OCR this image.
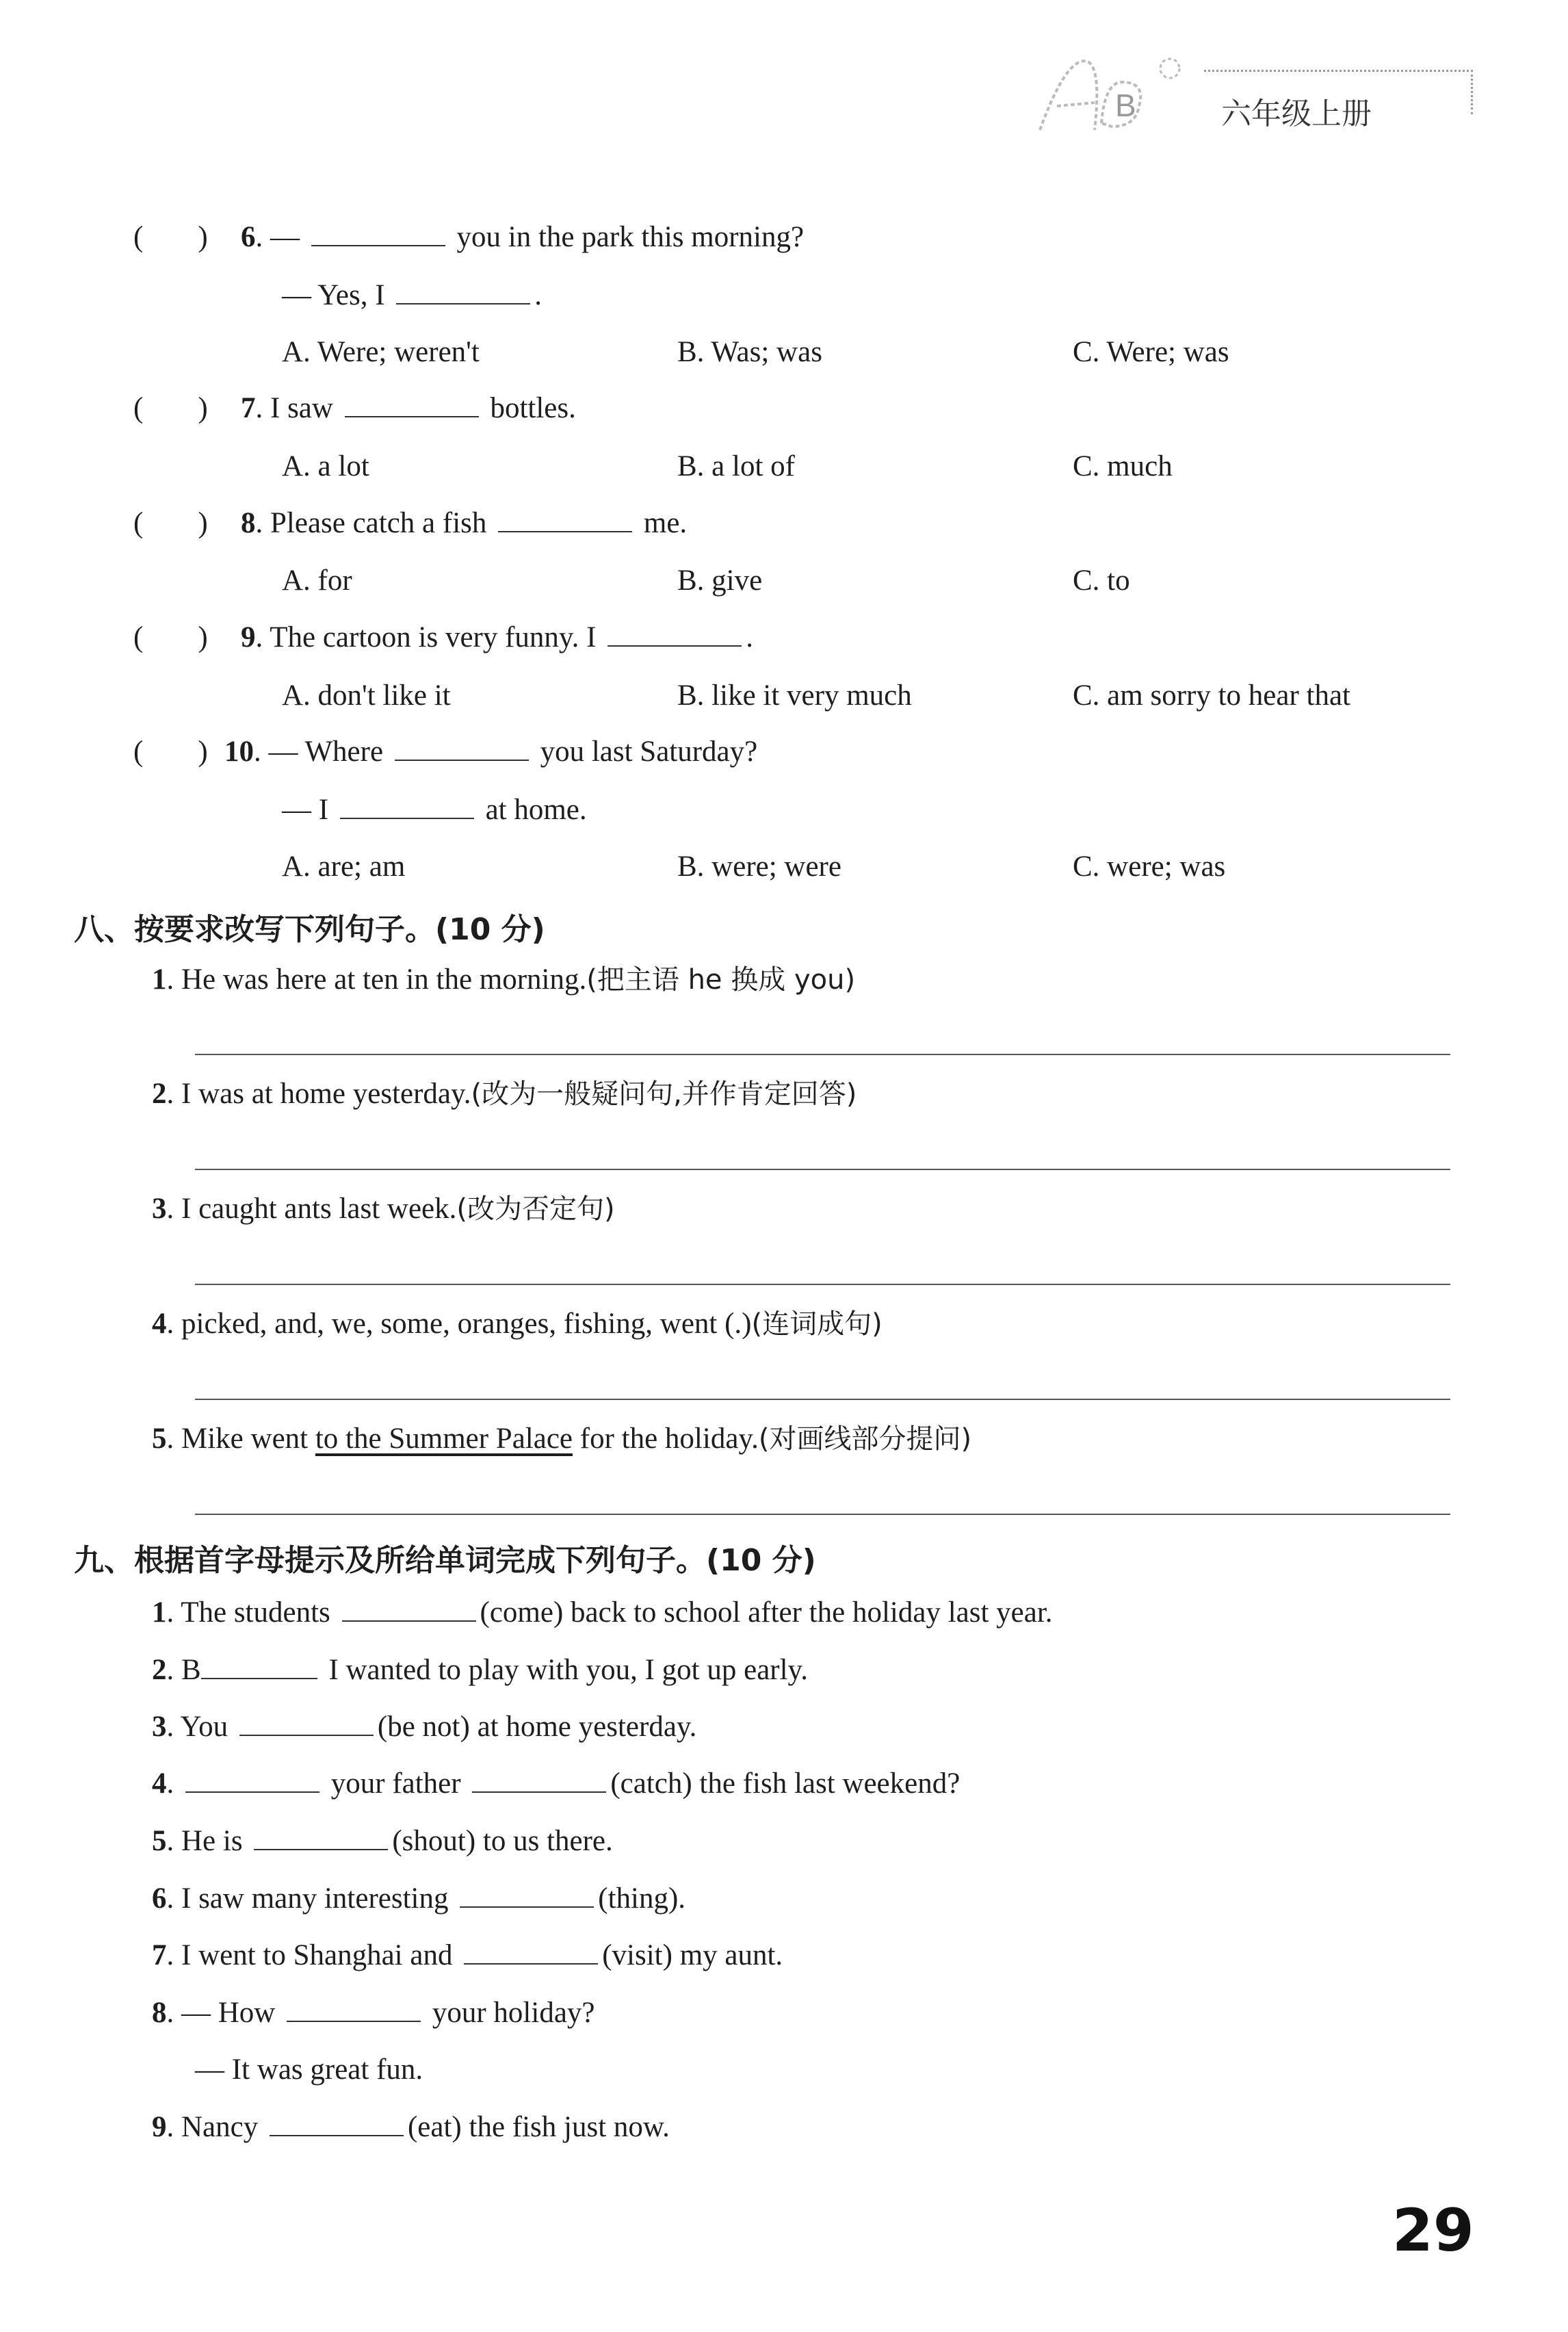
B	六年级上册
( ) 6. —	you in the park this morning?
— Yes, I	.
A. Were; weren't	B. Was; was	C. Were; was
( ) 7. I saw	bottles.
A. a lot	B. a lot of	C. much
( ) 8. Please catch a fish	me.
A. for	B. give	C. to
( ) 9. The cartoon is very funny. I	.
A. don't like it	B. like it very much	C. am sorry to hear that
( ) 10. — Where	you last Saturday?
— I	at home.
A. are; am	B. were; were	C. were; was
八、按要求改写下列句子。(10 分)
1. He was here at ten in the morning.(把主语 he 换成 you)
2. I was at home yesterday.(改为一般疑问句,并作肯定回答)
3. I caught ants last week.(改为否定句)
4. picked, and, we, some, oranges, fishing, went (.)(连词成句)
5. Mike went to the Summer Palace for the holiday.(对画线部分提问)
九、根据首字母提示及所给单词完成下列句子。(10 分)
1. The students	(come) back to school after the holiday last year.
2. B	I wanted to play with you, I got up early.
3. You	(be not) at home yesterday.
4.	your father	(catch) the fish last weekend?
5. He is	(shout) to us there.
6. I saw many interesting	(thing).
7. I went to Shanghai and	(visit) my aunt.
8. — How	your holiday?
— It was great fun.
9. Nancy	(eat) the fish just now.
29
